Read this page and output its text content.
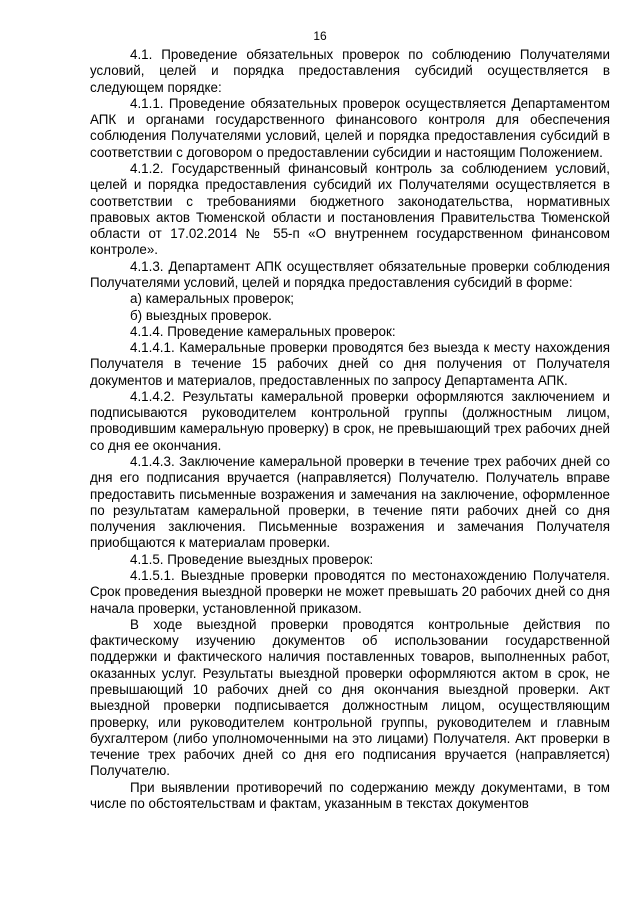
16

4.1. Проведение обязательных проверок по соблюдению Получателями условий, целей и порядка предоставления субсидий осуществляется в следующем порядке:

4.1.1. Проведение обязательных проверок осуществляется Департаментом АПК и органами государственного финансового контроля для обеспечения соблюдения Получателями условий, целей и порядка предоставления субсидий в соответствии с договором о предоставлении субсидии и настоящим Положением.

4.1.2. Государственный финансовый контроль за соблюдением условий, целей и порядка предоставления субсидий их Получателями осуществляется в соответствии с требованиями бюджетного законодательства, нормативных правовых актов Тюменской области и постановления Правительства Тюменской области от 17.02.2014 № 55-п «О внутреннем государственном финансовом контроле».

4.1.3. Департамент АПК осуществляет обязательные проверки соблюдения Получателями условий, целей и порядка предоставления субсидий в форме:

а) камеральных проверок;

б) выездных проверок.

4.1.4. Проведение камеральных проверок:

4.1.4.1. Камеральные проверки проводятся без выезда к месту нахождения Получателя в течение 15 рабочих дней со дня получения от Получателя документов и материалов, предоставленных по запросу Департамента АПК.

4.1.4.2. Результаты камеральной проверки оформляются заключением и подписываются руководителем контрольной группы (должностным лицом, проводившим камеральную проверку) в срок, не превышающий трех рабочих дней со дня ее окончания.

4.1.4.3. Заключение камеральной проверки в течение трех рабочих дней со дня его подписания вручается (направляется) Получателю. Получатель вправе предоставить письменные возражения и замечания на заключение, оформленное по результатам камеральной проверки, в течение пяти рабочих дней со дня получения заключения. Письменные возражения и замечания Получателя приобщаются к материалам проверки.

4.1.5. Проведение выездных проверок:

4.1.5.1. Выездные проверки проводятся по местонахождению Получателя. Срок проведения выездной проверки не может превышать 20 рабочих дней со дня начала проверки, установленной приказом.

В ходе выездной проверки проводятся контрольные действия по фактическому изучению документов об использовании государственной поддержки и фактического наличия поставленных товаров, выполненных работ, оказанных услуг. Результаты выездной проверки оформляются актом в срок, не превышающий 10 рабочих дней со дня окончания выездной проверки. Акт выездной проверки подписывается должностным лицом, осуществляющим проверку, или руководителем контрольной группы, руководителем и главным бухгалтером (либо уполномоченными на это лицами) Получателя. Акт проверки в течение трех рабочих дней со дня его подписания вручается (направляется) Получателю.

При выявлении противоречий по содержанию между документами, в том числе по обстоятельствам и фактам, указанным в текстах документов
